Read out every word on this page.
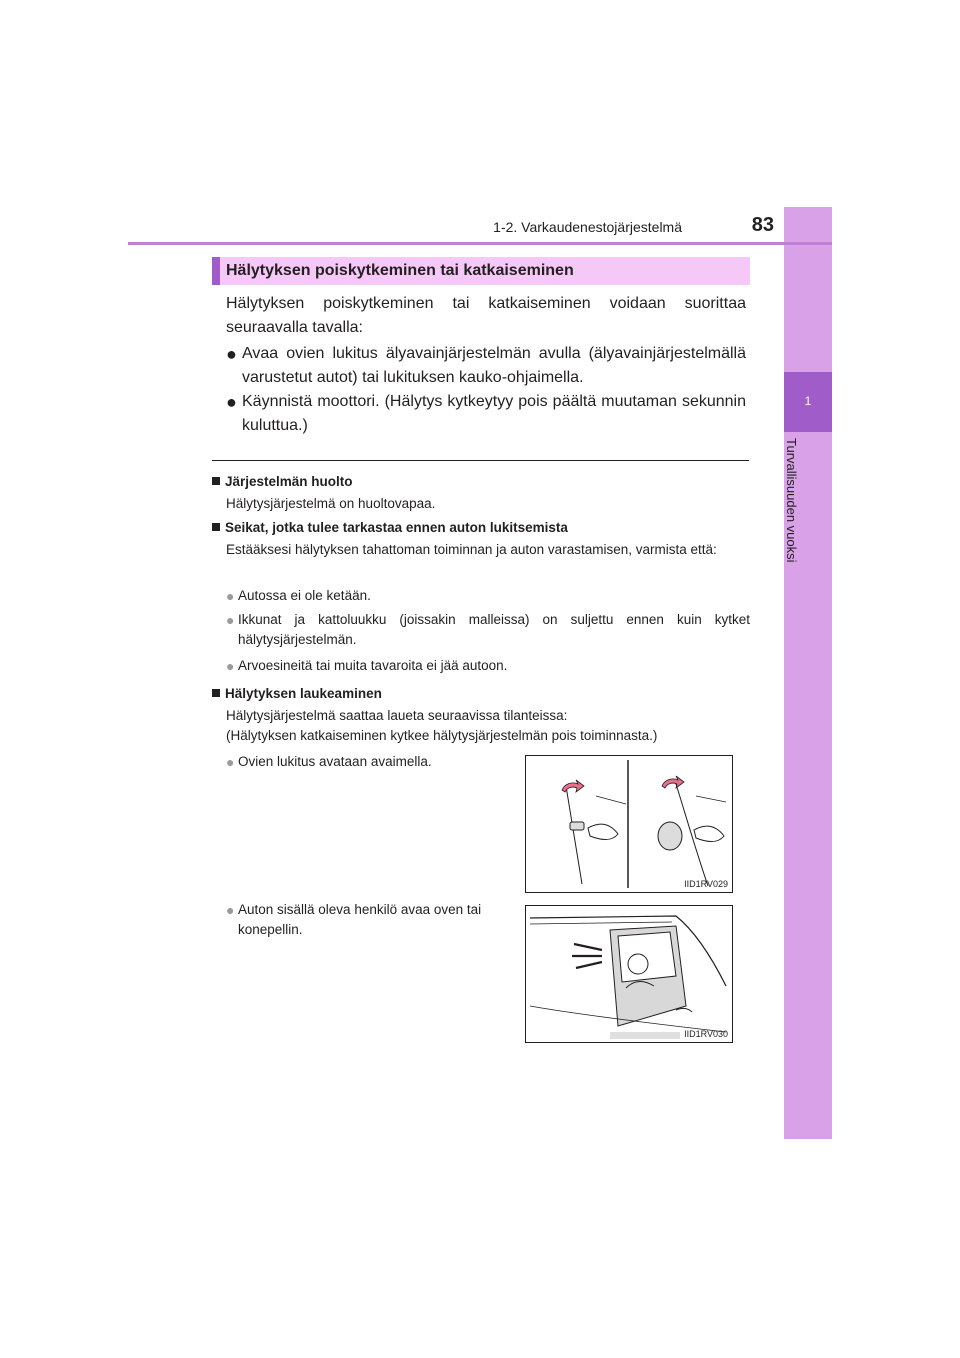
1
Turvallisuuden vuoksi
1-2. Varkaudenestojärjestelmä	83
Hälytyksen poiskytkeminen tai katkaiseminen
Hälytyksen poiskytkeminen tai katkaiseminen voidaan suorittaa seuraavalla tavalla:
● Avaa ovien lukitus älyavainjärjestelmän avulla (älyavainjärjestelmällä varustetut autot) tai lukituksen kauko-ohjaimella.
● Käynnistä moottori. (Hälytys kytkeytyy pois päältä muutaman sekunnin kuluttua.)
Järjestelmän huolto
Hälytysjärjestelmä on huoltovapaa.
Seikat, jotka tulee tarkastaa ennen auton lukitsemista
Estääksesi hälytyksen tahattoman toiminnan ja auton varastamisen, varmista että:
● Autossa ei ole ketään.
● Ikkunat ja kattoluukku (joissakin malleissa) on suljettu ennen kuin kytket hälytysjärjestelmän.
● Arvoesineitä tai muita tavaroita ei jää autoon.
Hälytyksen laukeaminen
Hälytysjärjestelmä saattaa laueta seuraavissa tilanteissa:
(Hälytyksen katkaiseminen kytkee hälytysjärjestelmän pois toiminnasta.)
● Ovien lukitus avataan avaimella.
● Auton sisällä oleva henkilö avaa oven tai konepellin.
IID1RV029
IID1RV030
